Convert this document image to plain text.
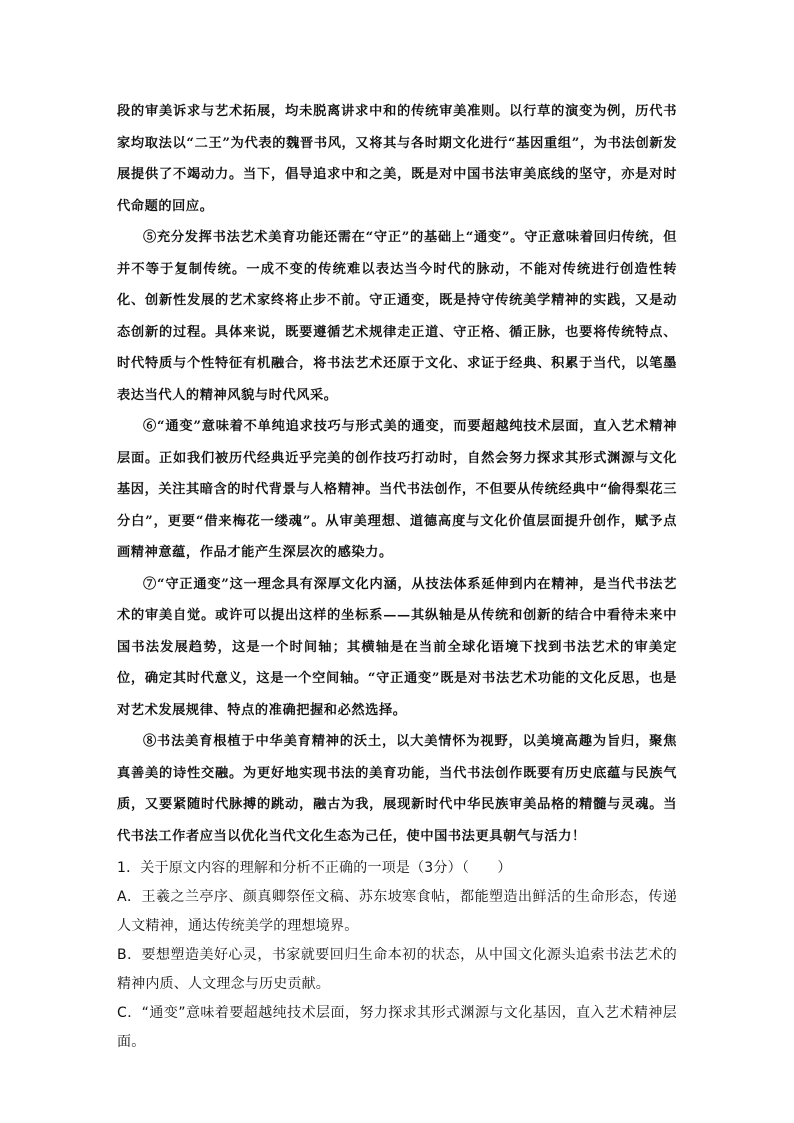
段的审美诉求与艺术拓展，均未脱离讲求中和的传统审美准则。以行草的演变为例，历代书家均取法以“二王”为代表的魏晋书风，又将其与各时期文化进行“基因重组”，为书法创新发展提供了不竭动力。当下，倡导追求中和之美，既是对中国书法审美底线的坚守，亦是对时代命题的回应。

⑤充分发挥书法艺术美育功能还需在“守正”的基础上“通变”。守正意味着回归传统，但并不等于复制传统。一成不变的传统难以表达当今时代的脉动，不能对传统进行创造性转化、创新性发展的艺术家终将止步不前。守正通变，既是持守传统美学精神的实践，又是动态创新的过程。具体来说，既要遵循艺术规律走正道、守正格、循正脉，也要将传统特点、时代特质与个性特征有机融合，将书法艺术还原于文化、求证于经典、积累于当代，以笔墨表达当代人的精神风貌与时代风采。

⑥“通变”意味着不单纯追求技巧与形式美的通变，而要超越纯技术层面，直入艺术精神层面。正如我们被历代经典近乎完美的创作技巧打动时，自然会努力探求其形式渊源与文化基因，关注其暗含的时代背景与人格精神。当代书法创作，不但要从传统经典中“偷得梨花三分白”，更要“借来梅花一缕魂”。从审美理想、道德高度与文化价值层面提升创作，赋予点画精神意蕴，作品才能产生深层次的感染力。

⑦“守正通变”这一理念具有深厚文化内涵，从技法体系延伸到内在精神，是当代书法艺术的审美自觉。或许可以提出这样的坐标系——其纵轴是从传统和创新的结合中看待未来中国书法发展趋势，这是一个时间轴；其横轴是在当前全球化语境下找到书法艺术的审美定位，确定其时代意义，这是一个空间轴。“守正通变”既是对书法艺术功能的文化反思，也是对艺术发展规律、特点的准确把握和必然选择。

⑧书法美育根植于中华美育精神的沃土，以大美情怀为视野，以美境高趣为旨归，聚焦真善美的诗性交融。为更好地实现书法的美育功能，当代书法创作既要有历史底蕴与民族气质，又要紧随时代脉搏的跳动，融古为我，展现新时代中华民族审美品格的精髓与灵魂。当代书法工作者应当以优化当代文化生态为己任，使中国书法更具朝气与活力！

1．关于原文内容的理解和分析不正确的一项是（3分）（　　）

A．王羲之兰亭序、颜真卿祭侄文稿、苏东坡寒食帖，都能塑造出鲜活的生命形态，传递人文精神，通达传统美学的理想境界。

B．要想塑造美好心灵，书家就要回归生命本初的状态，从中国文化源头追索书法艺术的精神内质、人文理念与历史贡献。

C．“通变”意味着要超越纯技术层面，努力探求其形式渊源与文化基因，直入艺术精神层面。
